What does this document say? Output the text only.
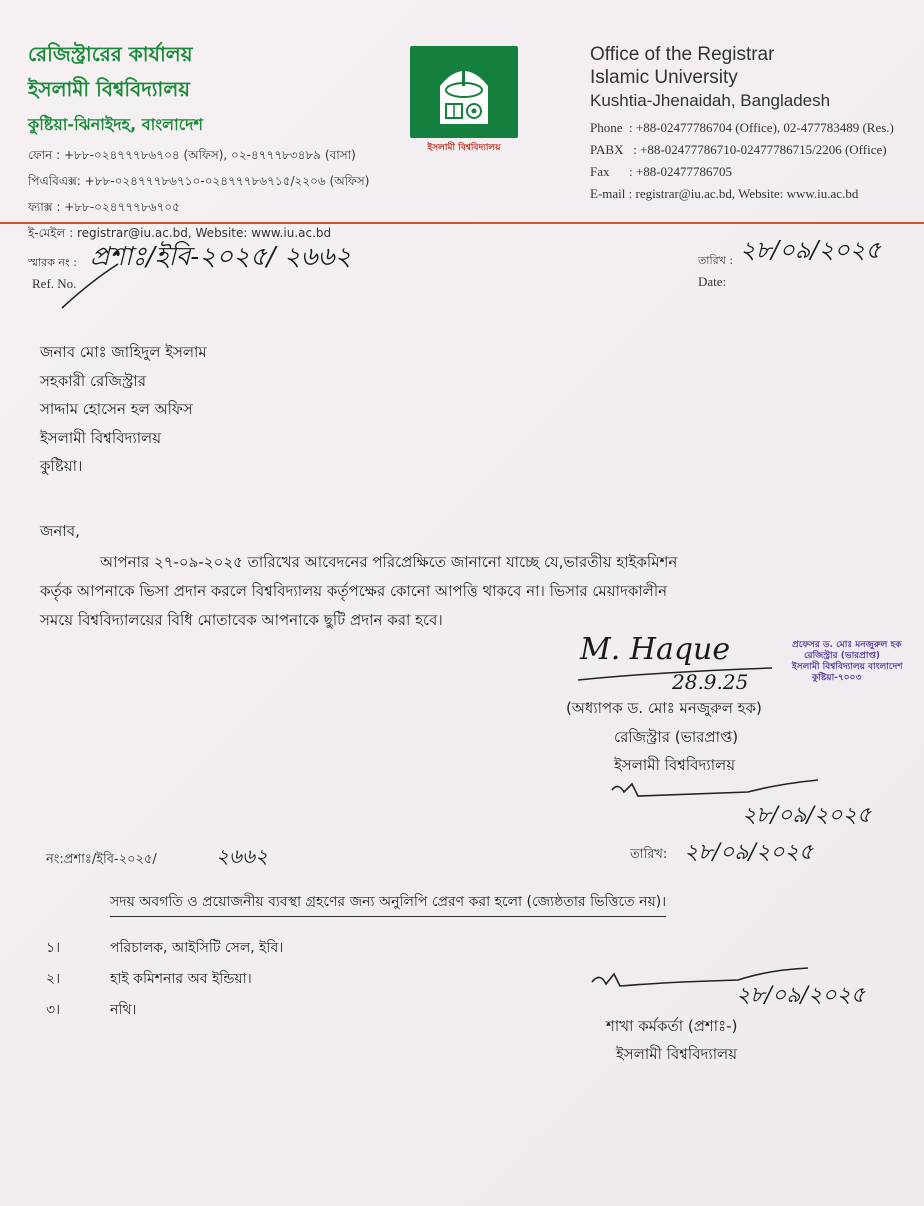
রেজিস্ট্রারের কার্যালয়
ইসলামী বিশ্ববিদ্যালয়
কুষ্টিয়া-ঝিনাইদহ, বাংলাদেশ
ফোন : +৮৮-০২৪৭৭৭৮৬৭০৪ (অফিস), ০২-৪৭৭৭৮৩৪৮৯ (বাসা)
পিএবিএক্স: +৮৮-০২৪৭৭৭৮৬৭১০-০২৪৭৭৭৮৬৭১৫/২২০৬ (অফিস)
ফ্যাক্স : +৮৮-০২৪৭৭৭৮৬৭০৫
ই-মেইল : registrar@iu.ac.bd, Website: www.iu.ac.bd
ইসলামী বিশ্ববিদ্যালয়
Office of the Registrar
Islamic University
Kushtia-Jhenaidah, Bangladesh
Phone  : +88-02477786704 (Office), 02-477783489 (Res.)
PABX   : +88-02477786710-02477786715/2206 (Office)
Fax      : +88-02477786705
E-mail : registrar@iu.ac.bd, Website: www.iu.ac.bd
স্মারক নং :
Ref. No.
প্রশাঃ/ইবি-২০২৫/ ২৬৬২	তারিখ :
Date:
২৮/০৯/২০২৫
জনাব মোঃ জাহিদুল ইসলাম
সহকারী রেজিস্ট্রার
সাদ্দাম হোসেন হল অফিস
ইসলামী বিশ্ববিদ্যালয়
কুষ্টিয়া।
জনাব,
আপনার ২৭-০৯-২০২৫ তারিখের আবেদনের পরিপ্রেক্ষিতে জানানো যাচ্ছে যে,ভারতীয় হাইকমিশন
কর্তৃক আপনাকে ভিসা প্রদান করলে বিশ্ববিদ্যালয় কর্তৃপক্ষের কোনো আপত্তি থাকবে না। ভিসার মেয়াদকালীন
সময়ে বিশ্ববিদ্যালয়ের বিধি মোতাবেক আপনাকে ছুটি প্রদান করা হবে।
M. Haque
28.9.25
প্রফেসর ড. মোঃ মনজুরুল হক
রেজিস্ট্রার (ভারপ্রাপ্ত)
ইসলামী বিশ্ববিদ্যালয় বাংলাদেশ
কুষ্টিয়া-৭০০৩
(অধ্যাপক ড. মোঃ মনজুরুল হক)
রেজিস্ট্রার (ভারপ্রাপ্ত)
ইসলামী বিশ্ববিদ্যালয়
২৮/০৯/২০২৫
নং:প্রশাঃ/ইবি-২০২৫/	২৬৬২	তারিখ: ২৮/০৯/২০২৫
সদয় অবগতি ও প্রয়োজনীয় ব্যবস্থা গ্রহণের জন্য অনুলিপি প্রেরণ করা হলো (জ্যেষ্ঠতার ভিত্তিতে নয়)।
১।	পরিচালক, আইসিটি সেল, ইবি।
২।	হাই কমিশনার অব ইন্ডিয়া।
৩।	নথি।
২৮/০৯/২০২৫
শাখা কর্মকর্তা (প্রশাঃ-)
ইসলামী বিশ্ববিদ্যালয়
